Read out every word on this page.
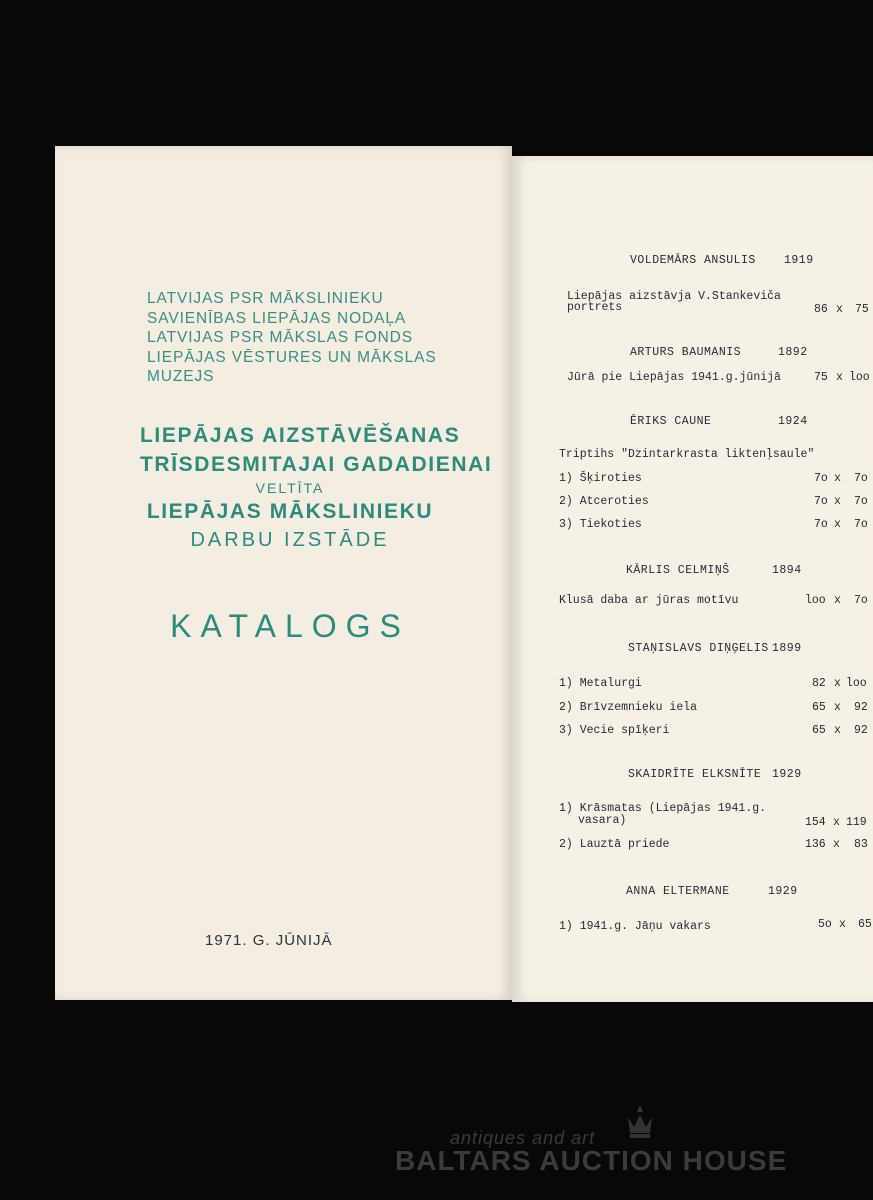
LATVIJAS PSR MĀKSLINIEKU
SAVIENĪBAS LIEPĀJAS NODAĻA
LATVIJAS PSR MĀKSLAS FONDS
LIEPĀJAS VĒSTURES UN MĀKSLAS
MUZEJS
LIEPĀJAS AIZSTĀVĒŠANAS
TRĪSDESMITAJAI GADADIENAI
VELTĪTA
LIEPĀJAS MĀKSLINIEKU
DARBU IZSTĀDE
KATALOGS
1971. G. JŪNIJĀ
VOLDEMĀRS ANSULIS 1919
Liepājas aizstāvja V.Stankeviča
portrets	86 x 75
ARTURS BAUMANIS	1892
Jūrā pie Liepājas 1941.g.jūnijā	75 x loo
ĒRIKS CAUNE	1924
Triptihs "Dzintarkrasta liktenļsaule"
1) Šķiroties	7o x 7o
2) Atceroties	7o x 7o
3) Tiekoties	7o x 7o
KĀRLIS CELMIŅŠ	1894
Klusā daba ar jūras motīvu	loo x 7o
STAŅISLAVS DIŅĢELIS 1899
1) Metalurgi	82 x loo
2) Brīvzemnieku iela	65 x 92
3) Vecie spīķeri	65 x 92
SKAIDRĪTE ELKSNĪTE 1929
1) Krāsmatas (Liepājas 1941.g.
vasara)	154 x 119
2) Lauztā priede	136 x 83
ANNA ELTERMANE	1929
1) 1941.g. Jāņu vakars	5o x 65
antiques and art
BALTARS AUCTION HOUSE
